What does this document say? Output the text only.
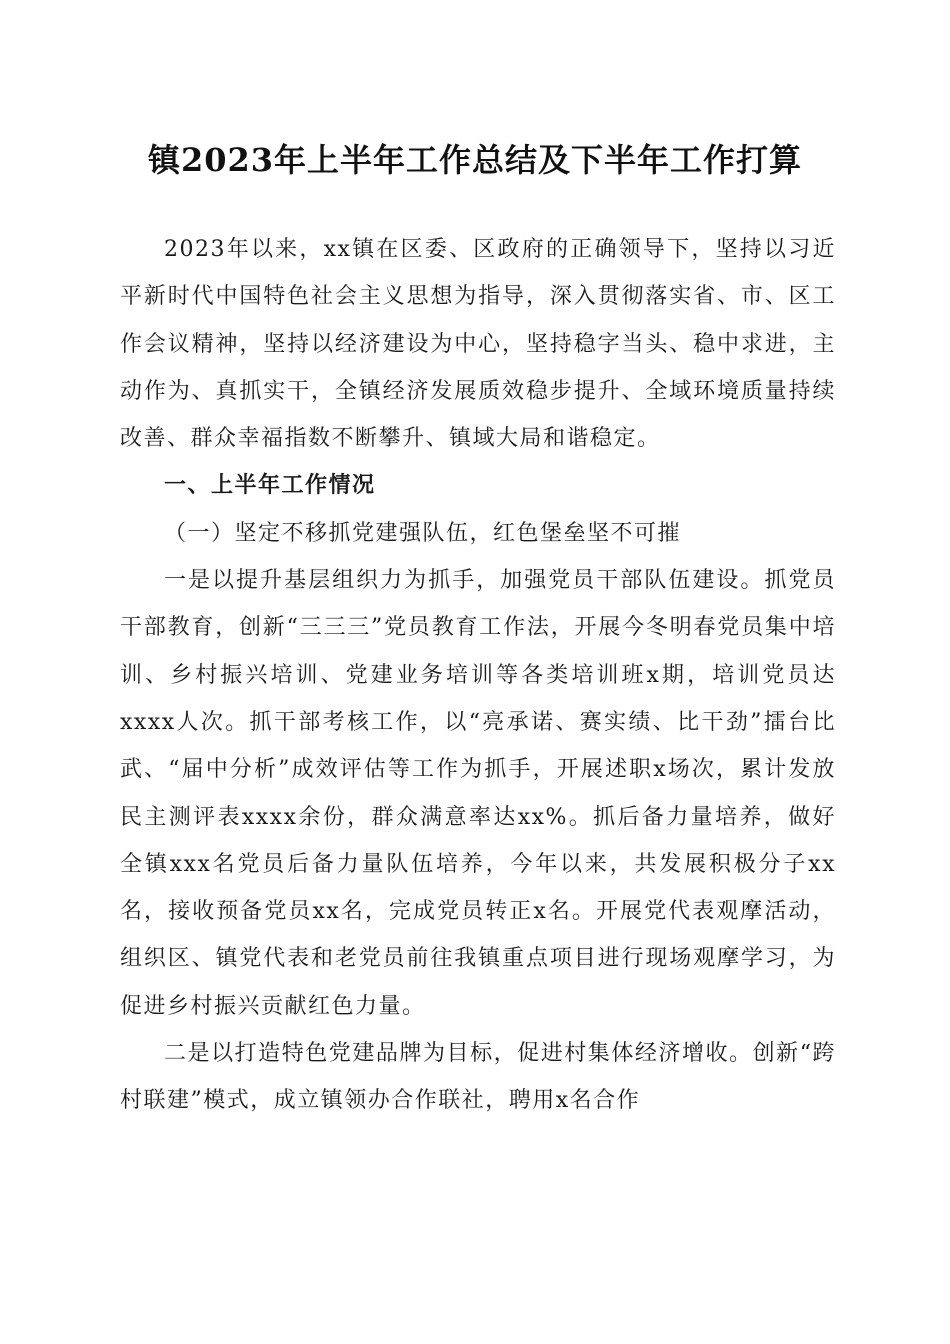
镇2023年上半年工作总结及下半年工作打算

2023年以来，xx镇在区委、区政府的正确领导下，坚持以习近平新时代中国特色社会主义思想为指导，深入贯彻落实省、市、区工作会议精神，坚持以经济建设为中心，坚持稳字当头、稳中求进，主动作为、真抓实干，全镇经济发展质效稳步提升、全域环境质量持续改善、群众幸福指数不断攀升、镇域大局和谐稳定。

一、上半年工作情况

（一）坚定不移抓党建强队伍，红色堡垒坚不可摧

一是以提升基层组织力为抓手，加强党员干部队伍建设。抓党员干部教育，创新“三三三”党员教育工作法，开展今冬明春党员集中培训、乡村振兴培训、党建业务培训等各类培训班x期，培训党员达xxxx人次。抓干部考核工作，以“亮承诺、赛实绩、比干劲”擂台比武、“届中分析”成效评估等工作为抓手，开展述职x场次，累计发放民主测评表xxxx余份，群众满意率达xx%。抓后备力量培养，做好全镇xxx名党员后备力量队伍培养，今年以来，共发展积极分子xx名，接收预备党员xx名，完成党员转正x名。开展党代表观摩活动，组织区、镇党代表和老党员前往我镇重点项目进行现场观摩学习，为促进乡村振兴贡献红色力量。

二是以打造特色党建品牌为目标，促进村集体经济增收。创新“跨村联建”模式，成立镇领办合作联社，聘用x名合作
